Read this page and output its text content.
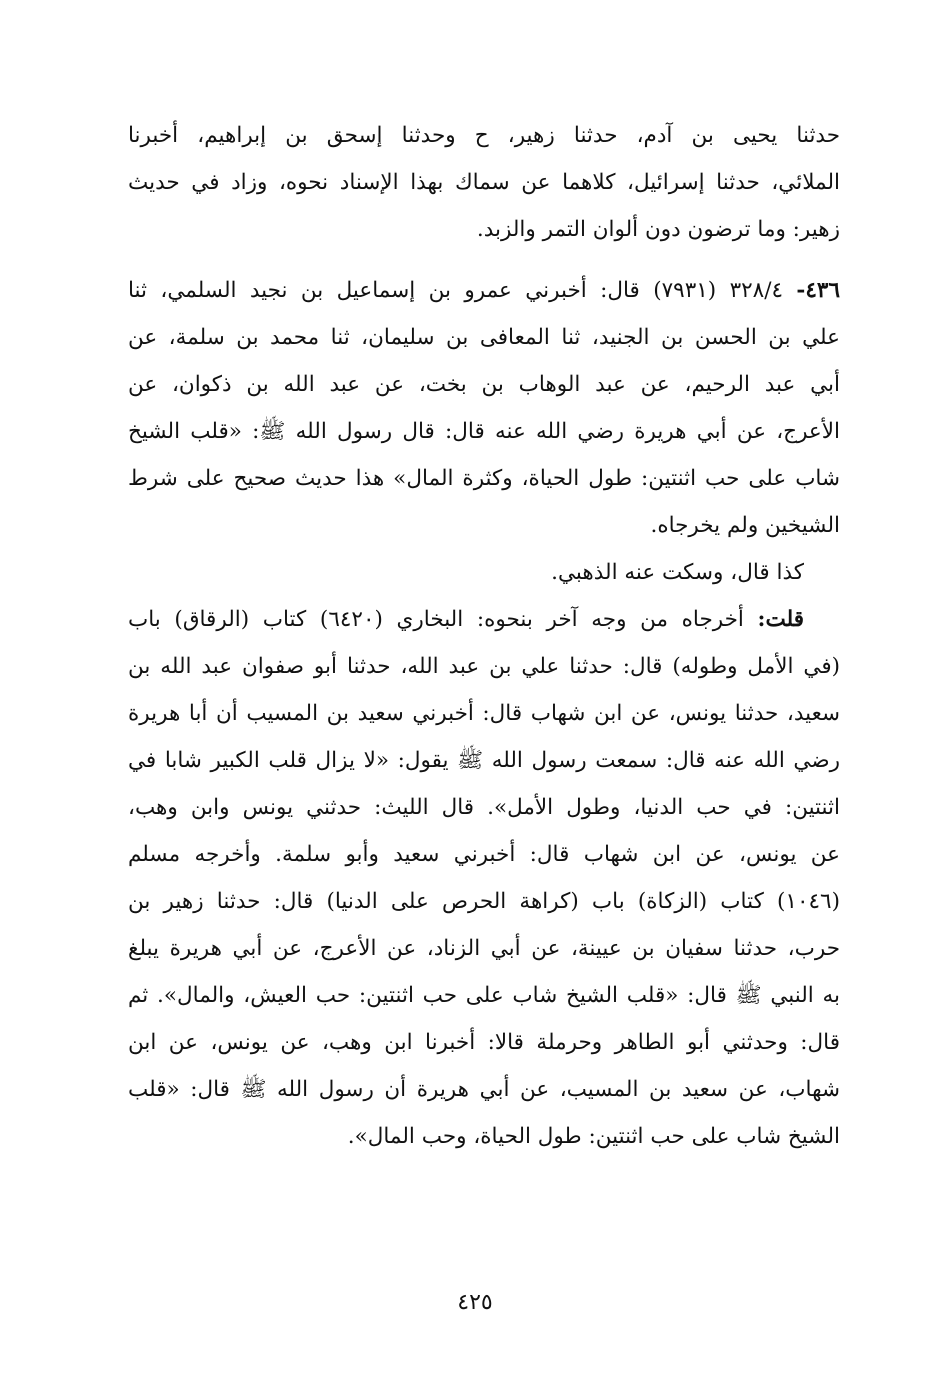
حدثنا يحيى بن آدم، حدثنا زهير، ح وحدثنا إسحق بن إبراهيم، أخبرنا
الملائي، حدثنا إسرائيل، كلاهما عن سماك بهذا الإسناد نحوه، وزاد في حديث
زهير: وما ترضون دون ألوان التمر والزبد.
٤٣٦- ٣٢٨/٤ (٧٩٣١) قال: أخبرني عمرو بن إسماعيل بن نجيد السلمي، ثنا
علي بن الحسن بن الجنيد، ثنا المعافى بن سليمان، ثنا محمد بن سلمة، عن
أبي عبد الرحيم، عن عبد الوهاب بن بخت، عن عبد الله بن ذكوان، عن
الأعرج، عن أبي هريرة رضي الله عنه قال: قال رسول الله ﷺ: «قلب الشيخ
شاب على حب اثنتين: طول الحياة، وكثرة المال» هذا حديث صحيح على شرط
الشيخين ولم يخرجاه.
كذا قال، وسكت عنه الذهبي.
قلت: أخرجاه من وجه آخر بنحوه: البخاري (٦٤٢٠) كتاب (الرقاق) باب
(في الأمل وطوله) قال: حدثنا علي بن عبد الله، حدثنا أبو صفوان عبد الله بن
سعيد، حدثنا يونس، عن ابن شهاب قال: أخبرني سعيد بن المسيب أن أبا هريرة
رضي الله عنه قال: سمعت رسول الله ﷺ يقول: «لا يزال قلب الكبير شابا في
اثنتين: في حب الدنيا، وطول الأمل». قال الليث: حدثني يونس وابن وهب،
عن يونس، عن ابن شهاب قال: أخبرني سعيد وأبو سلمة. وأخرجه مسلم
(١٠٤٦) كتاب (الزكاة) باب (كراهة الحرص على الدنيا) قال: حدثنا زهير بن
حرب، حدثنا سفيان بن عيينة، عن أبي الزناد، عن الأعرج، عن أبي هريرة يبلغ
به النبي ﷺ قال: «قلب الشيخ شاب على حب اثنتين: حب العيش، والمال». ثم
قال: وحدثني أبو الطاهر وحرملة قالا: أخبرنا ابن وهب، عن يونس، عن ابن
شهاب، عن سعيد بن المسيب، عن أبي هريرة أن رسول الله ﷺ قال: «قلب
الشيخ شاب على حب اثنتين: طول الحياة، وحب المال».
٤٢٥
